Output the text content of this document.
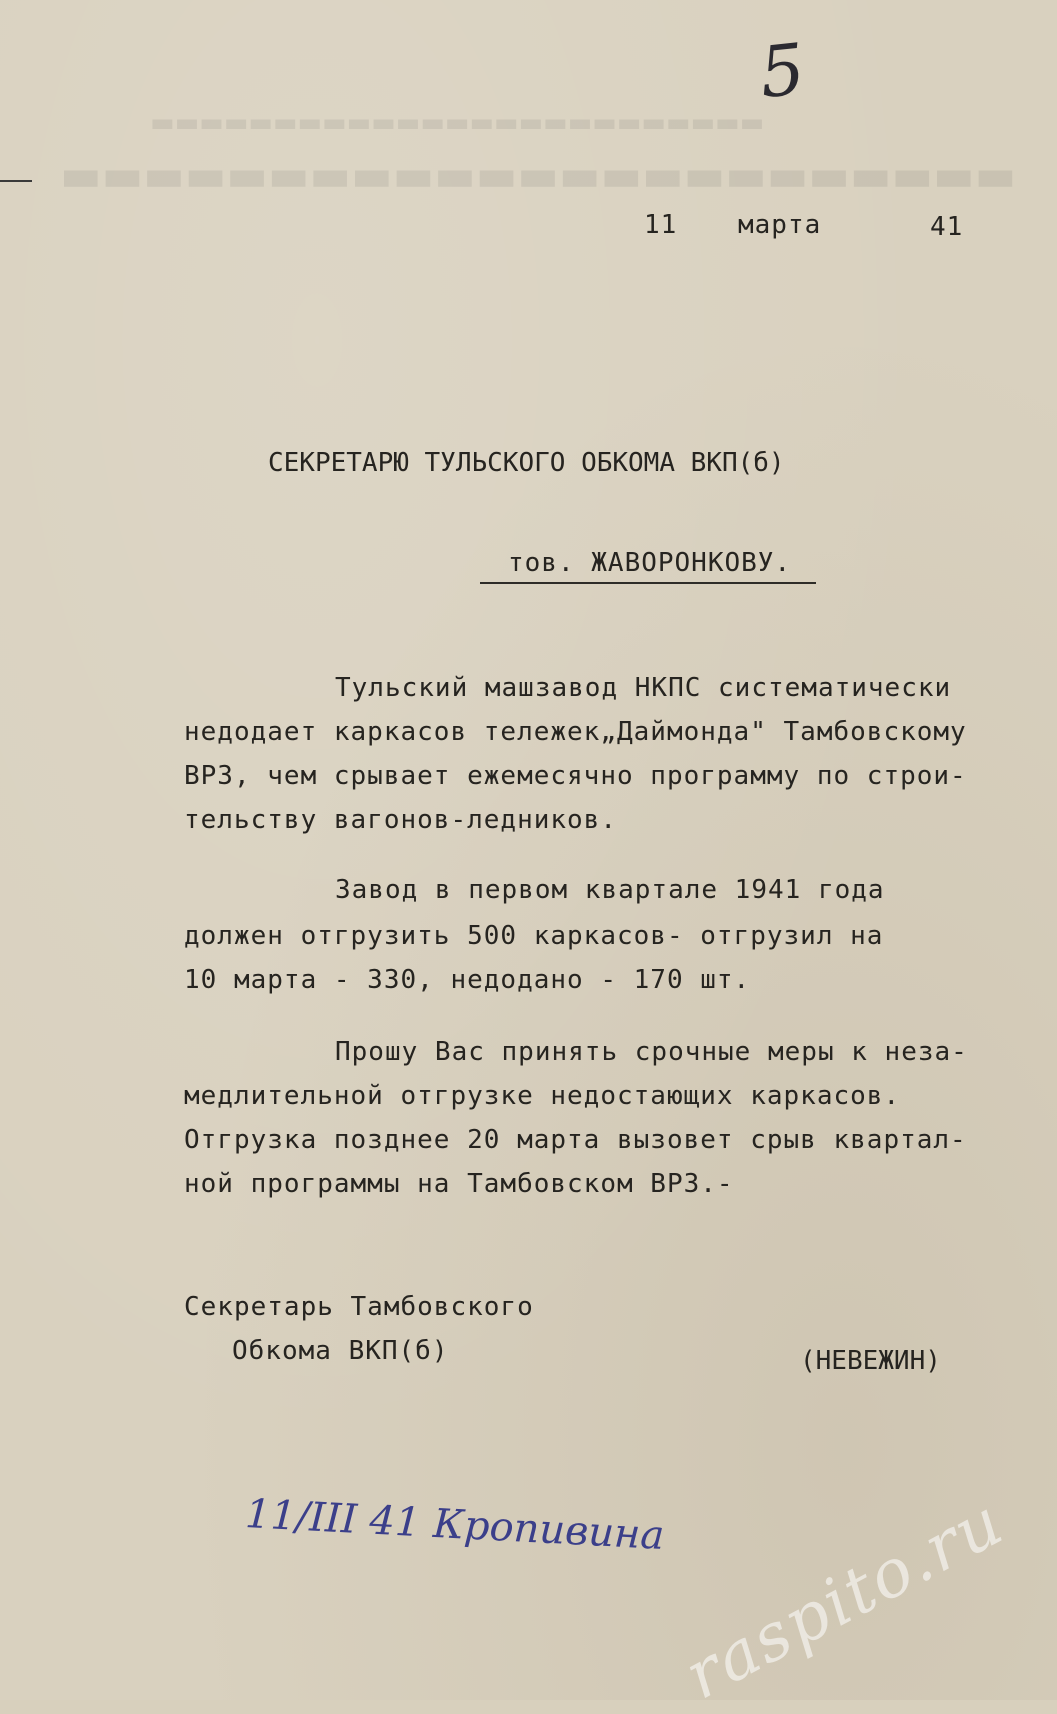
▬▬▬▬▬▬▬▬▬▬▬▬▬▬▬▬▬▬▬▬▬▬▬▬▬
▬▬▬▬▬▬▬▬▬▬▬▬▬▬▬▬▬▬▬▬▬▬▬
5
11 марта	41
СЕКРЕТАРЮ ТУЛЬСКОГО ОБКОМА ВКП(б)
тов. ЖАВОРОНКОВУ.
Тульский машзавод НКПС систематически
недодает каркасов тележек„Даймонда" Тамбовскому
ВРЗ, чем срывает ежемесячно программу по строи-
тельству вагонов-ледников.
Завод в первом квартале 1941 года
должен отгрузить 500 каркасов- отгрузил на
10 марта - 330, недодано - 170 шт.
Прошу Вас принять срочные меры к неза-
медлительной отгрузке недостающих каркасов.
Отгрузка позднее 20 марта вызовет срыв квартал-
ной программы на Тамбовском ВРЗ.-
Секретарь Тамбовского
Обкома ВКП(б)	(НЕВЕЖИН)
11/III 41 Кропивина raspito.ru
